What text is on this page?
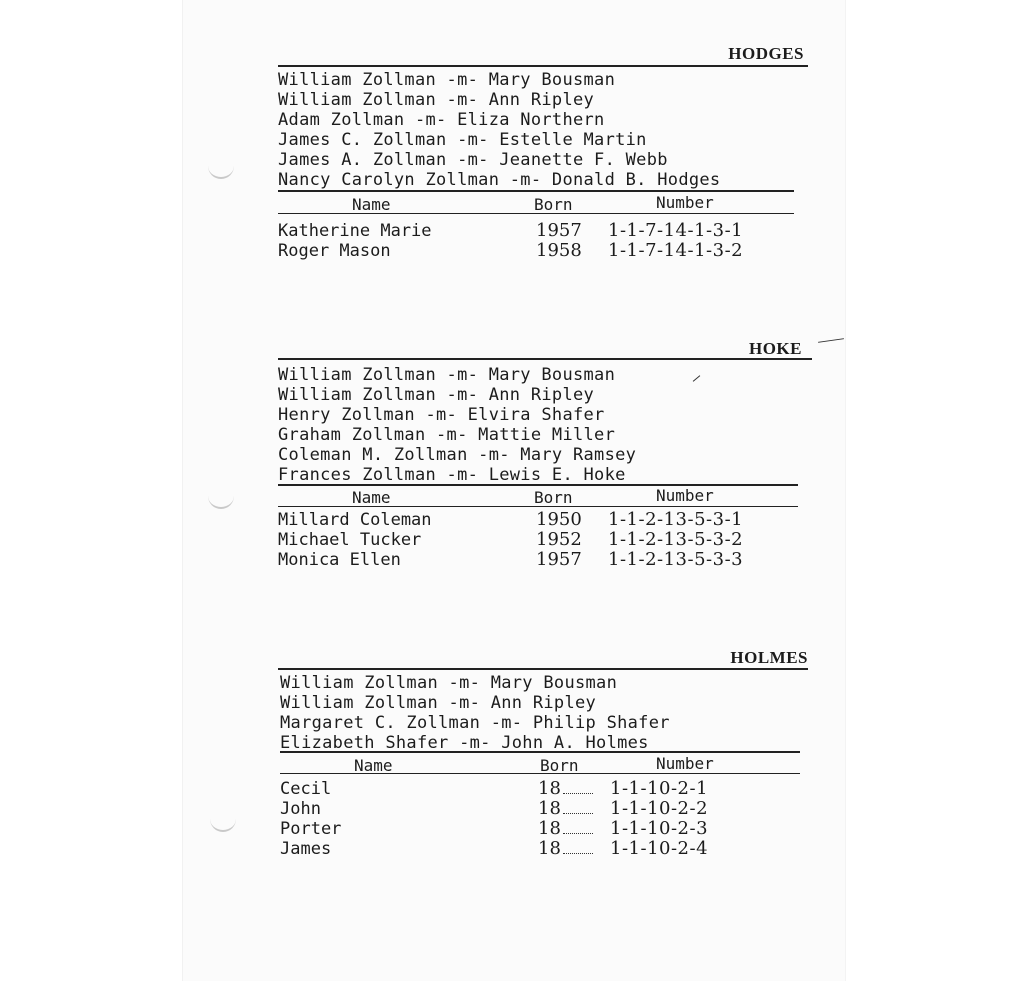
HODGES
William Zollman -m- Mary Bousman
William Zollman -m- Ann Ripley
Adam Zollman -m- Eliza Northern
James C. Zollman -m- Estelle Martin
James A. Zollman -m- Jeanette F. Webb
Nancy Carolyn Zollman -m- Donald B. Hodges
Name	Born	Number
Katherine Marie	1957 1-1-7-14-1-3-1
Roger Mason	1958 1-1-7-14-1-3-2
HOKE
William Zollman -m- Mary Bousman
William Zollman -m- Ann Ripley
Henry Zollman -m- Elvira Shafer
Graham Zollman -m- Mattie Miller
Coleman M. Zollman -m- Mary Ramsey
Frances Zollman -m- Lewis E. Hoke
Name	Born	Number
Millard Coleman	1950 1-1-2-13-5-3-1
Michael Tucker	1952 1-1-2-13-5-3-2
Monica Ellen	1957 1-1-2-13-5-3-3
HOLMES
William Zollman -m- Mary Bousman
William Zollman -m- Ann Ripley
Margaret C. Zollman -m- Philip Shafer
Elizabeth Shafer -m- John A. Holmes
Name	Born	Number
Cecil	18	1-1-10-2-1
John	18	1-1-10-2-2
Porter	18	1-1-10-2-3
James	18	1-1-10-2-4
